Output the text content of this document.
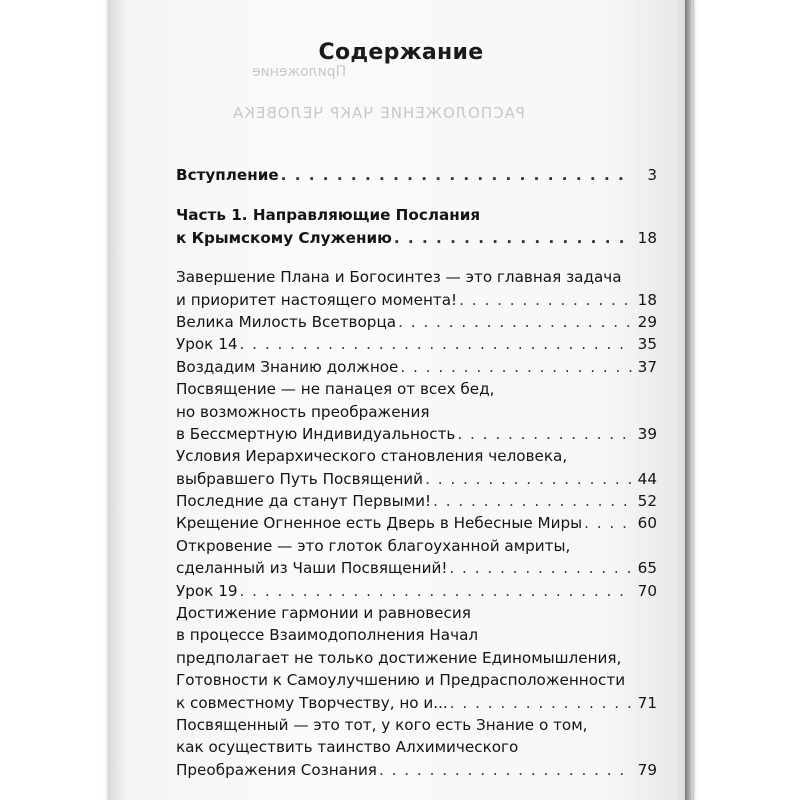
РАСПОЛОЖЕНИЕ ЧАКР ЧЕЛОВЕКА
Приложение
Содержание
Вступление . . .	3
Часть 1. Направляющие Послания
к Крымскому Служению . . .	18
Завершение Плана и Богосинтез — это главная задача
и приоритет настоящего момента! . . .	18
Велика Милость Всетворца . . .	29
Урок 14 . . .	35
Воздадим Знанию должное . . .	37
Посвящение — не панацея от всех бед,
но возможность преображения
в Бессмертную Индивидуальность . . .	39
Условия Иерархического становления человека,
выбравшего Путь Посвящений . . .	44
Последние да станут Первыми! . . .	52
Крещение Огненное есть Дверь в Небесные Миры . . .	60
Откровение — это глоток благоуханной амриты,
сделанный из Чаши Посвящений! . . .	65
Урок 19 . . .	70
Достижение гармонии и равновесия
в процессе Взаимодополнения Начал
предполагает не только достижение Единомышления,
Готовности к Самоулучшению и Предрасположенности
к совместному Творчеству, но и... . . .	71
Посвященный — это тот, у кого есть Знание о том,
как осуществить таинство Алхимического
Преображения Сознания . . .	79
